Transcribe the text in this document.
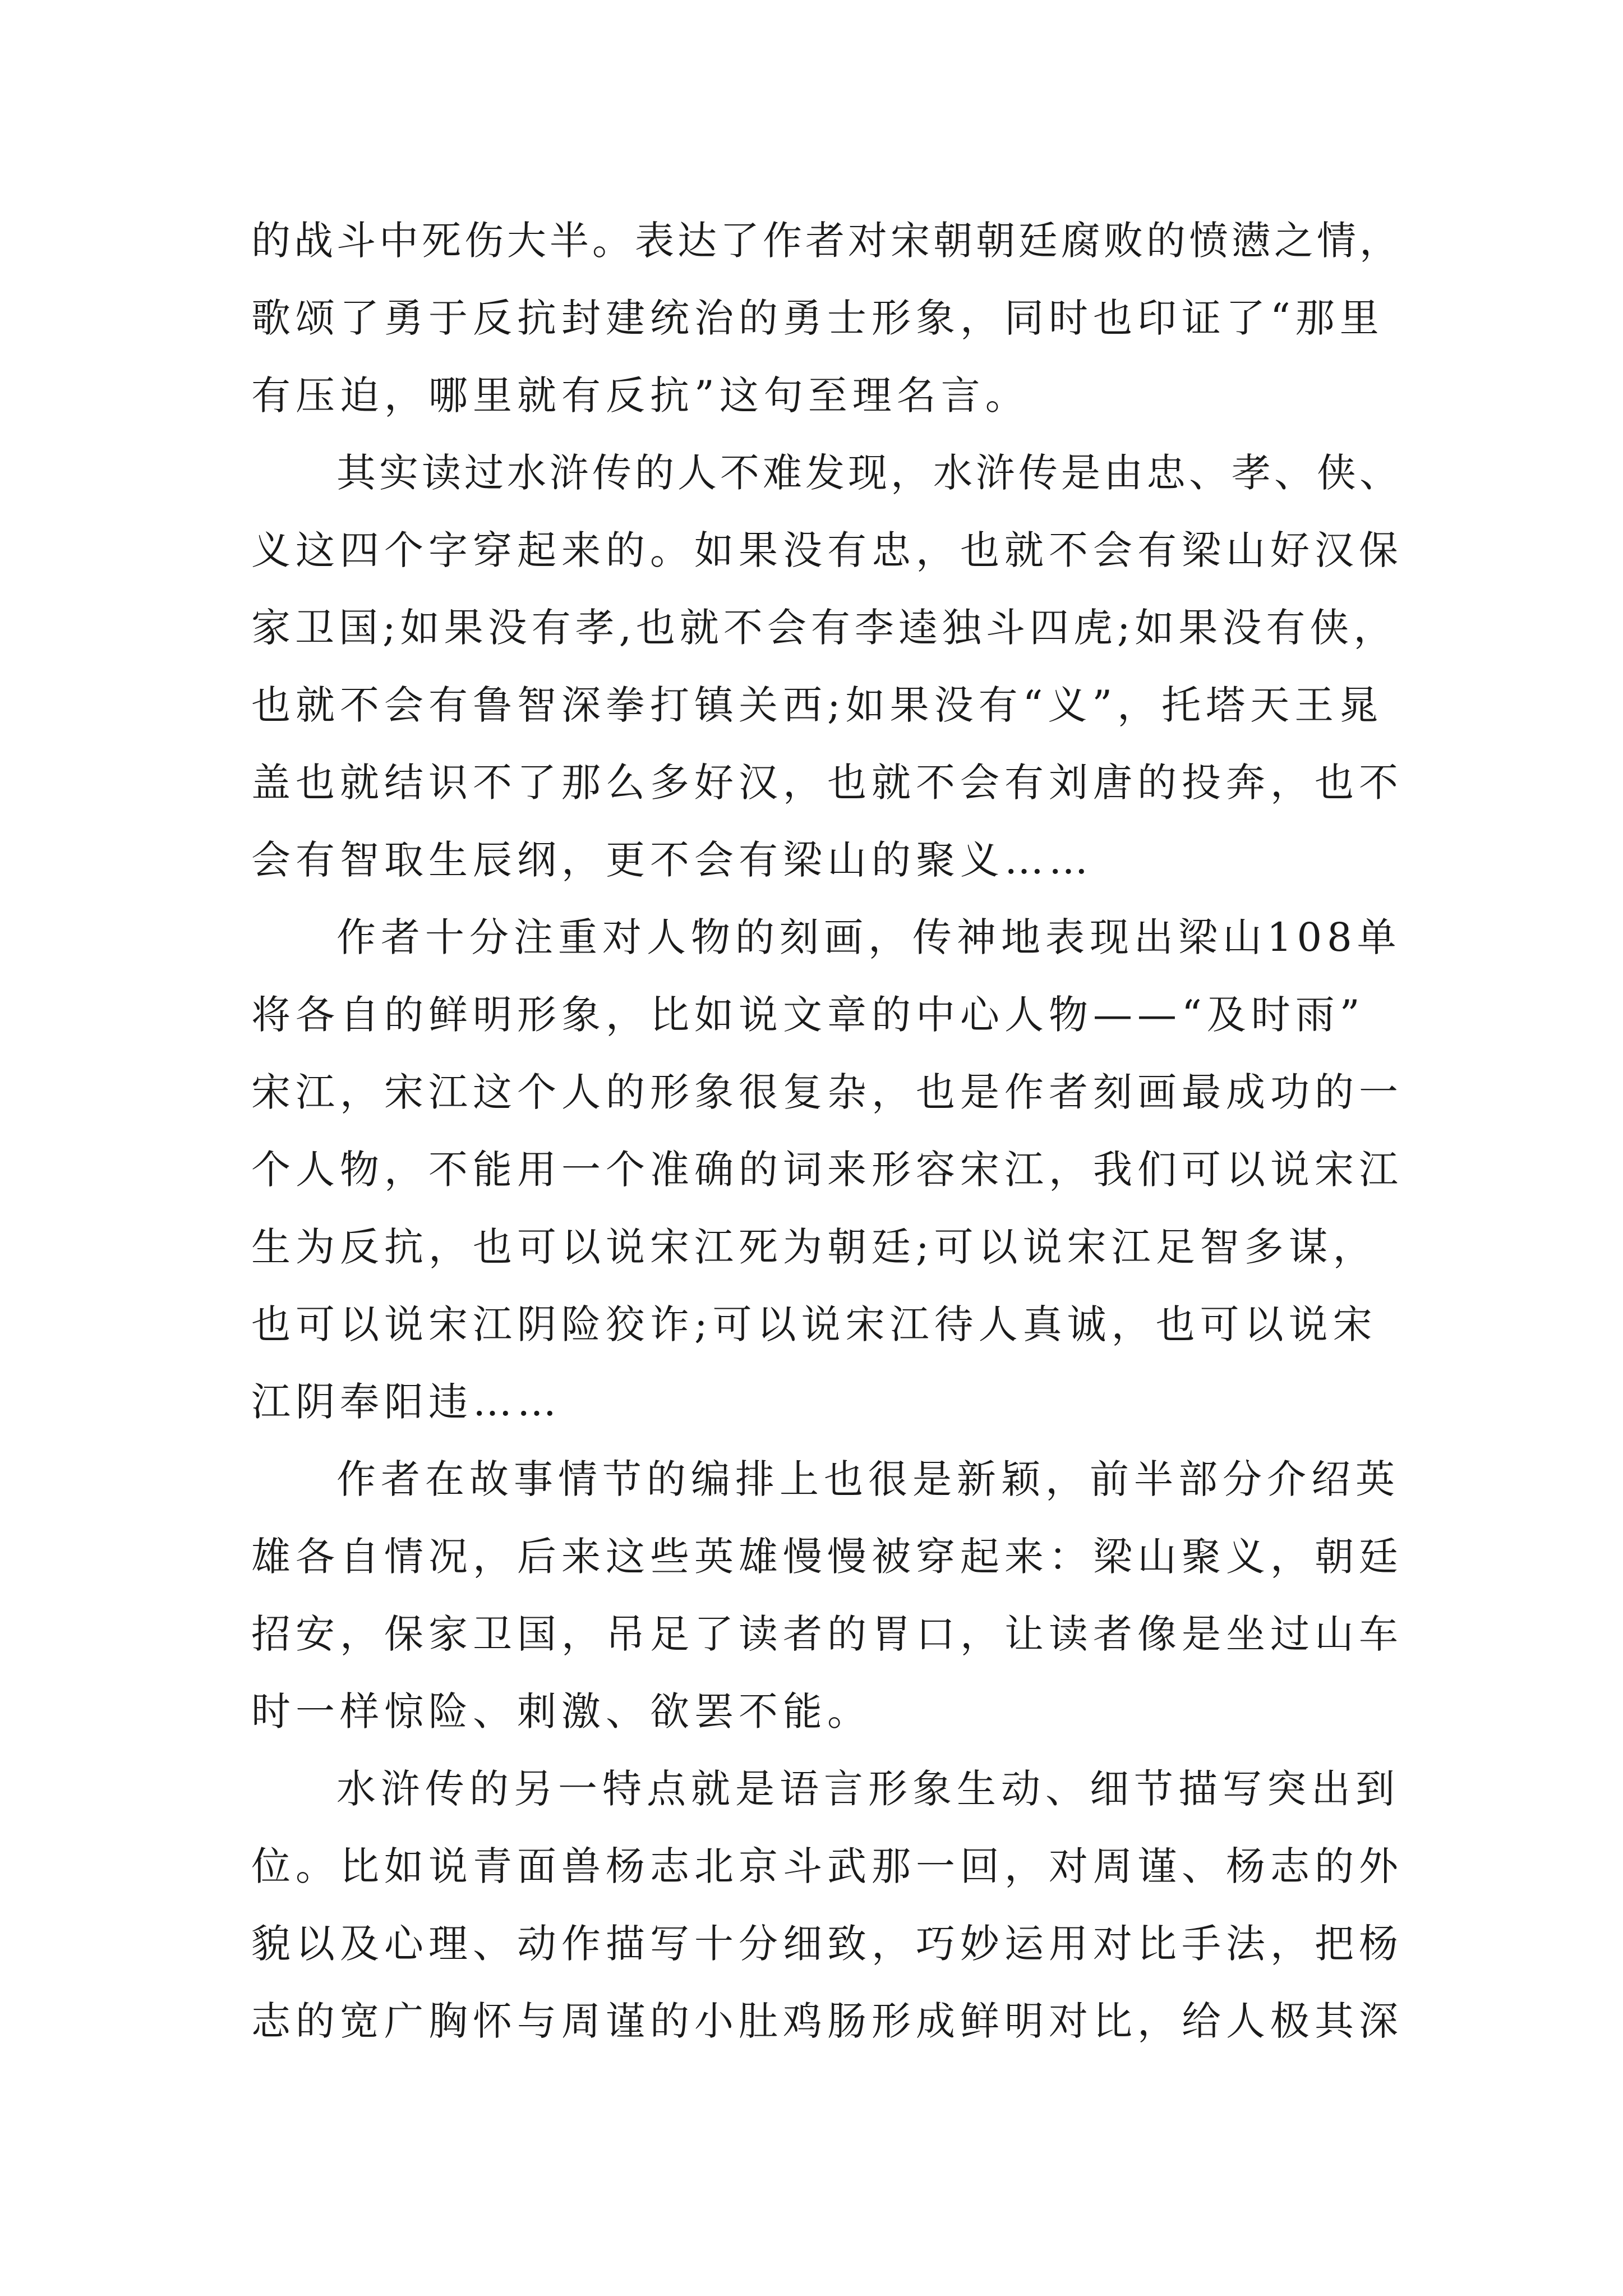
的战斗中死伤大半。表达了作者对宋朝朝廷腐败的愤懑之情，

歌颂了勇于反抗封建统治的勇士形象，同时也印证了“那里

有压迫，哪里就有反抗”这句至理名言。

其实读过水浒传的人不难发现，水浒传是由忠、孝、侠、

义这四个字穿起来的。如果没有忠，也就不会有梁山好汉保

家卫国;如果没有孝,也就不会有李逵独斗四虎;如果没有侠，

也就不会有鲁智深拳打镇关西;如果没有“义”，托塔天王晁

盖也就结识不了那么多好汉，也就不会有刘唐的投奔，也不

会有智取生辰纲，更不会有梁山的聚义……

作者十分注重对人物的刻画，传神地表现出梁山108单

将各自的鲜明形象，比如说文章的中心人物——“及时雨”

宋江，宋江这个人的形象很复杂，也是作者刻画最成功的一

个人物，不能用一个准确的词来形容宋江，我们可以说宋江

生为反抗，也可以说宋江死为朝廷;可以说宋江足智多谋，

也可以说宋江阴险狡诈;可以说宋江待人真诚，也可以说宋

江阴奉阳违……

作者在故事情节的编排上也很是新颖，前半部分介绍英

雄各自情况，后来这些英雄慢慢被穿起来：梁山聚义，朝廷

招安，保家卫国，吊足了读者的胃口，让读者像是坐过山车

时一样惊险、刺激、欲罢不能。

水浒传的另一特点就是语言形象生动、细节描写突出到

位。比如说青面兽杨志北京斗武那一回，对周谨、杨志的外

貌以及心理、动作描写十分细致，巧妙运用对比手法，把杨

志的宽广胸怀与周谨的小肚鸡肠形成鲜明对比，给人极其深
